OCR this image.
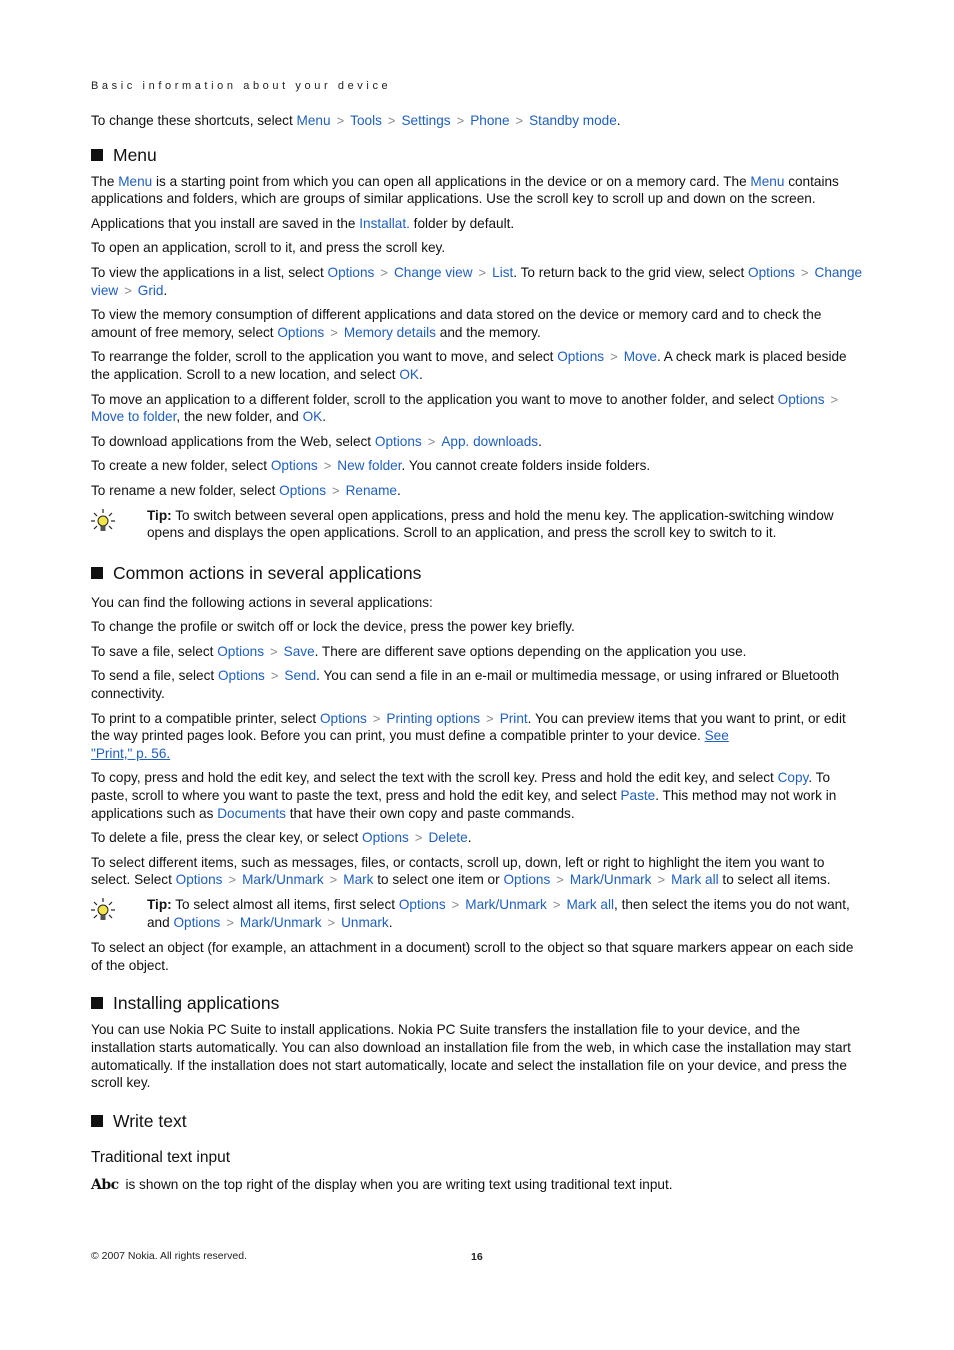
Basic information about your device

To change these shortcuts, select Menu > Tools > Settings > Phone > Standby mode.

Menu

The Menu is a starting point from which you can open all applications in the device or on a memory card. The Menu contains applications and folders, which are groups of similar applications. Use the scroll key to scroll up and down on the screen.

Applications that you install are saved in the Installat. folder by default.

To open an application, scroll to it, and press the scroll key.

To view the applications in a list, select Options > Change view > List. To return back to the grid view, select Options > Change view > Grid.

To view the memory consumption of different applications and data stored on the device or memory card and to check the amount of free memory, select Options > Memory details and the memory.

To rearrange the folder, scroll to the application you want to move, and select Options > Move. A check mark is placed beside the application. Scroll to a new location, and select OK.

To move an application to a different folder, scroll to the application you want to move to another folder, and select Options >Move to folder, the new folder, and OK.

To download applications from the Web, select Options > App. downloads.

To create a new folder, select Options > New folder. You cannot create folders inside folders.

To rename a new folder, select Options > Rename.

Tip: To switch between several open applications, press and hold the menu key. The application-switching window opens and displays the open applications. Scroll to an application, and press the scroll key to switch to it.

Common actions in several applications

You can find the following actions in several applications:

To change the profile or switch off or lock the device, press the power key briefly.

To save a file, select Options > Save. There are different save options depending on the application you use.

To send a file, select Options > Send. You can send a file in an e-mail or multimedia message, or using infrared or Bluetooth connectivity.

To print to a compatible printer, select Options > Printing options > Print. You can preview items that you want to print, or edit the way printed pages look. Before you can print, you must define a compatible printer to your device. See
"Print," p. 56.

To copy, press and hold the edit key, and select the text with the scroll key. Press and hold the edit key, and select Copy. To paste, scroll to where you want to paste the text, press and hold the edit key, and select Paste. This method may not work in applications such as Documents that have their own copy and paste commands.

To delete a file, press the clear key, or select Options > Delete.

To select different items, such as messages, files, or contacts, scroll up, down, left or right to highlight the item you want to select. Select Options > Mark/Unmark > Mark to select one item or Options > Mark/Unmark > Mark all to select all items.

Tip: To select almost all items, first select Options > Mark/Unmark > Mark all, then select the items you do not want, and Options > Mark/Unmark > Unmark.

To select an object (for example, an attachment in a document) scroll to the object so that square markers appear on each side of the object.

Installing applications

You can use Nokia PC Suite to install applications. Nokia PC Suite transfers the installation file to your device, and the installation starts automatically. You can also download an installation file from the web, in which case the installation may start automatically. If the installation does not start automatically, locate and select the installation file on your device, and press the scroll key.

Write text
Traditional text input

Abc is shown on the top right of the display when you are writing text using traditional text input.

© 2007 Nokia. All rights reserved.	16
